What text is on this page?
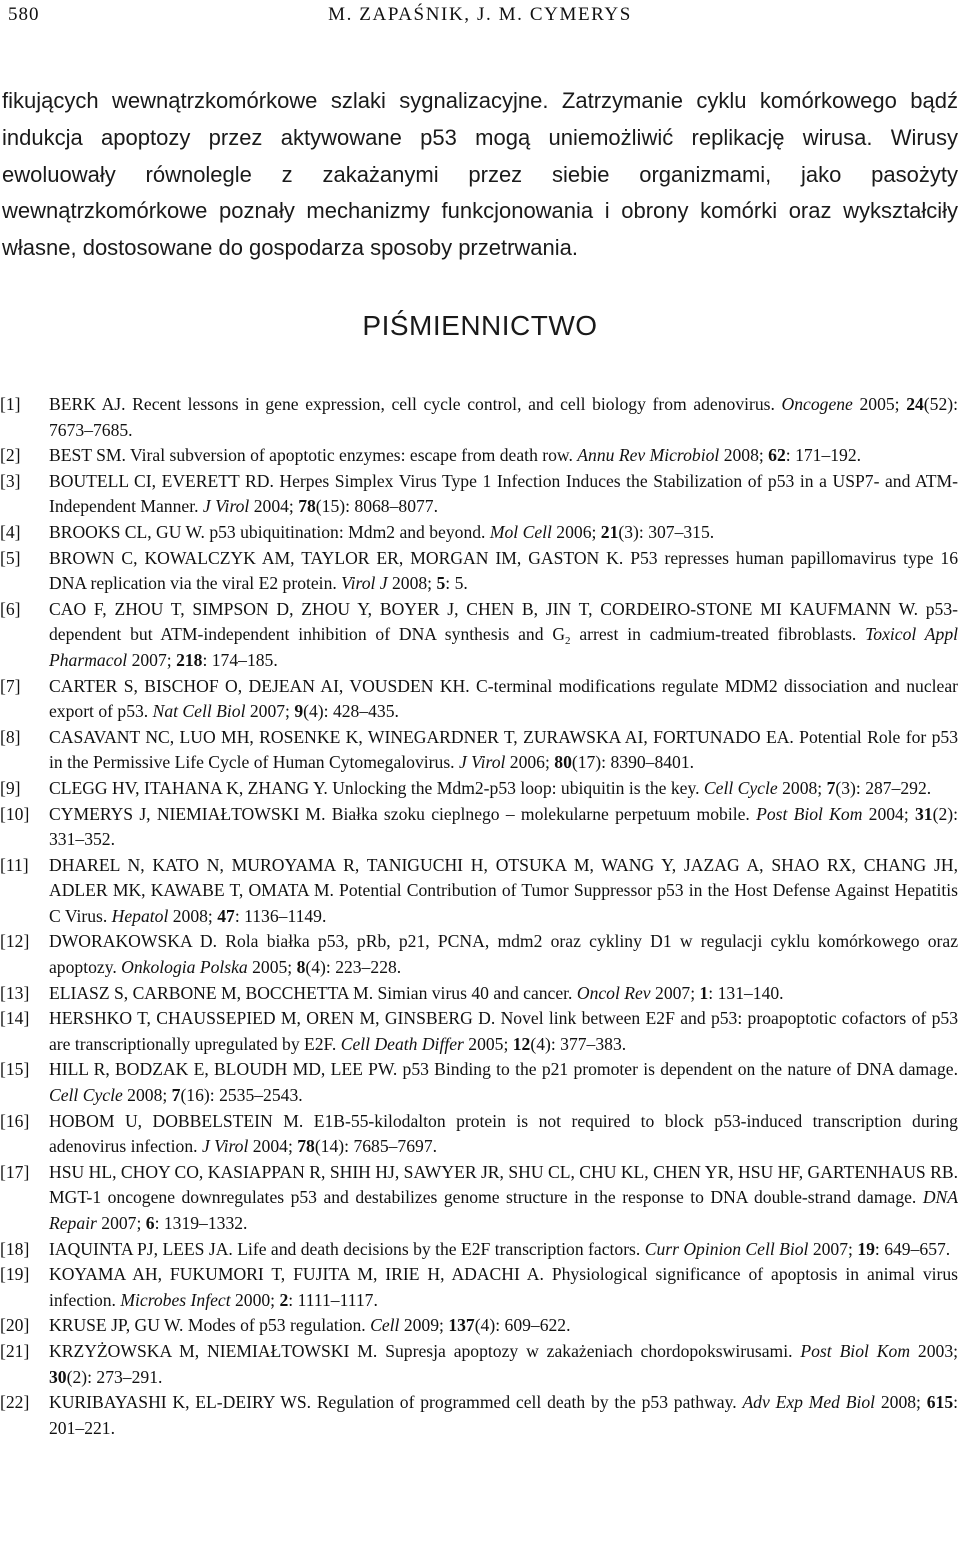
580	M. ZAPAŚNIK, J. M. CYMERYS

fikujących wewnątrzkomórkowe szlaki sygnalizacyjne. Zatrzymanie cyklu komórkowego bądź indukcja apoptozy przez aktywowane p53 mogą uniemożliwić replikację wirusa. Wirusy ewoluowały równolegle z zakażanymi przez siebie organizmami, jako pasożyty wewnątrzkomórkowe poznały mechanizmy funkcjonowania i obrony komórki oraz wykształciły własne, dostosowane do gospodarza sposoby przetrwania.

PIŚMIENNICTWO
[1]	BERK AJ. Recent lessons in gene expression, cell cycle control, and cell biology from adenovirus. Oncogene 2005; 24(52): 7673–7685.
[2]	BEST SM. Viral subversion of apoptotic enzymes: escape from death row. Annu Rev Microbiol 2008; 62: 171–192.
[3]	BOUTELL CI, EVERETT RD. Herpes Simplex Virus Type 1 Infection Induces the Stabilization of p53 in a USP7- and ATM-Independent Manner. J Virol 2004; 78(15): 8068–8077.
[4]	BROOKS CL, GU W. p53 ubiquitination: Mdm2 and beyond. Mol Cell 2006; 21(3): 307–315.
[5]	BROWN C, KOWALCZYK AM, TAYLOR ER, MORGAN IM, GASTON K. P53 represses human papillomavirus type 16 DNA replication via the viral E2 protein. Virol J 2008; 5: 5.
[6]	CAO F, ZHOU T, SIMPSON D, ZHOU Y, BOYER J, CHEN B, JIN T, CORDEIRO-STONE MI KAUFMANN W. p53-dependent but ATM-independent inhibition of DNA synthesis and $G_2$ arrest in cadmium-treated fibroblasts. Toxicol Appl Pharmacol 2007; 218: 174–185.
[7]	CARTER S, BISCHOF O, DEJEAN AI, VOUSDEN KH. C-terminal modifications regulate MDM2 dissociation and nuclear export of p53. Nat Cell Biol 2007; 9(4): 428–435.
[8]	CASAVANT NC, LUO MH, ROSENKE K, WINEGARDNER T, ZURAWSKA AI, FORTUNADO EA. Potential Role for p53 in the Permissive Life Cycle of Human Cytomegalovirus. J Virol 2006; 80(17): 8390–8401.
[9]	CLEGG HV, ITAHANA K, ZHANG Y. Unlocking the Mdm2-p53 loop: ubiquitin is the key. Cell Cycle 2008; 7(3): 287–292.
[10]	CYMERYS J, NIEMIAŁTOWSKI M. Białka szoku cieplnego – molekularne perpetuum mobile. Post Biol Kom 2004; 31(2): 331–352.
[11]	DHAREL N, KATO N, MUROYAMA R, TANIGUCHI H, OTSUKA M, WANG Y, JAZAG A, SHAO RX, CHANG JH, ADLER MK, KAWABE T, OMATA M. Potential Contribution of Tumor Suppressor p53 in the Host Defense Against Hepatitis C Virus. Hepatol 2008; 47: 1136–1149.
[12]	DWORAKOWSKA D. Rola białka p53, pRb, p21, PCNA, mdm2 oraz cykliny D1 w regulacji cyklu komórkowego oraz apoptozy. Onkologia Polska 2005; 8(4): 223–228.
[13]	ELIASZ S, CARBONE M, BOCCHETTA M. Simian virus 40 and cancer. Oncol Rev 2007; 1: 131–140.
[14]	HERSHKO T, CHAUSSEPIED M, OREN M, GINSBERG D. Novel link between E2F and p53: proapoptotic cofactors of p53 are transcriptionally upregulated by E2F. Cell Death Differ 2005; 12(4): 377–383.
[15]	HILL R, BODZAK E, BLOUDH MD, LEE PW. p53 Binding to the p21 promoter is dependent on the nature of DNA damage. Cell Cycle 2008; 7(16): 2535–2543.
[16]	HOBOM U, DOBBELSTEIN M. E1B-55-kilodalton protein is not required to block p53-induced transcription during adenovirus infection. J Virol 2004; 78(14): 7685–7697.
[17]	HSU HL, CHOY CO, KASIAPPAN R, SHIH HJ, SAWYER JR, SHU CL, CHU KL, CHEN YR, HSU HF, GARTENHAUS RB. MGT-1 oncogene downregulates p53 and destabilizes genome structure in the response to DNA double-strand damage. DNA Repair 2007; 6: 1319–1332.
[18]	IAQUINTA PJ, LEES JA. Life and death decisions by the E2F transcription factors. Curr Opinion Cell Biol 2007; 19: 649–657.
[19]	KOYAMA AH, FUKUMORI T, FUJITA M, IRIE H, ADACHI A. Physiological significance of apoptosis in animal virus infection. Microbes Infect 2000; 2: 1111–1117.
[20]	KRUSE JP, GU W. Modes of p53 regulation. Cell 2009; 137(4): 609–622.
[21]	KRZYŻOWSKA M, NIEMIAŁTOWSKI M. Supresja apoptozy w zakażeniach chordopokswirusami. Post Biol Kom 2003; 30(2): 273–291.
[22]	KURIBAYASHI K, EL-DEIRY WS. Regulation of programmed cell death by the p53 pathway. Adv Exp Med Biol 2008; 615: 201–221.
